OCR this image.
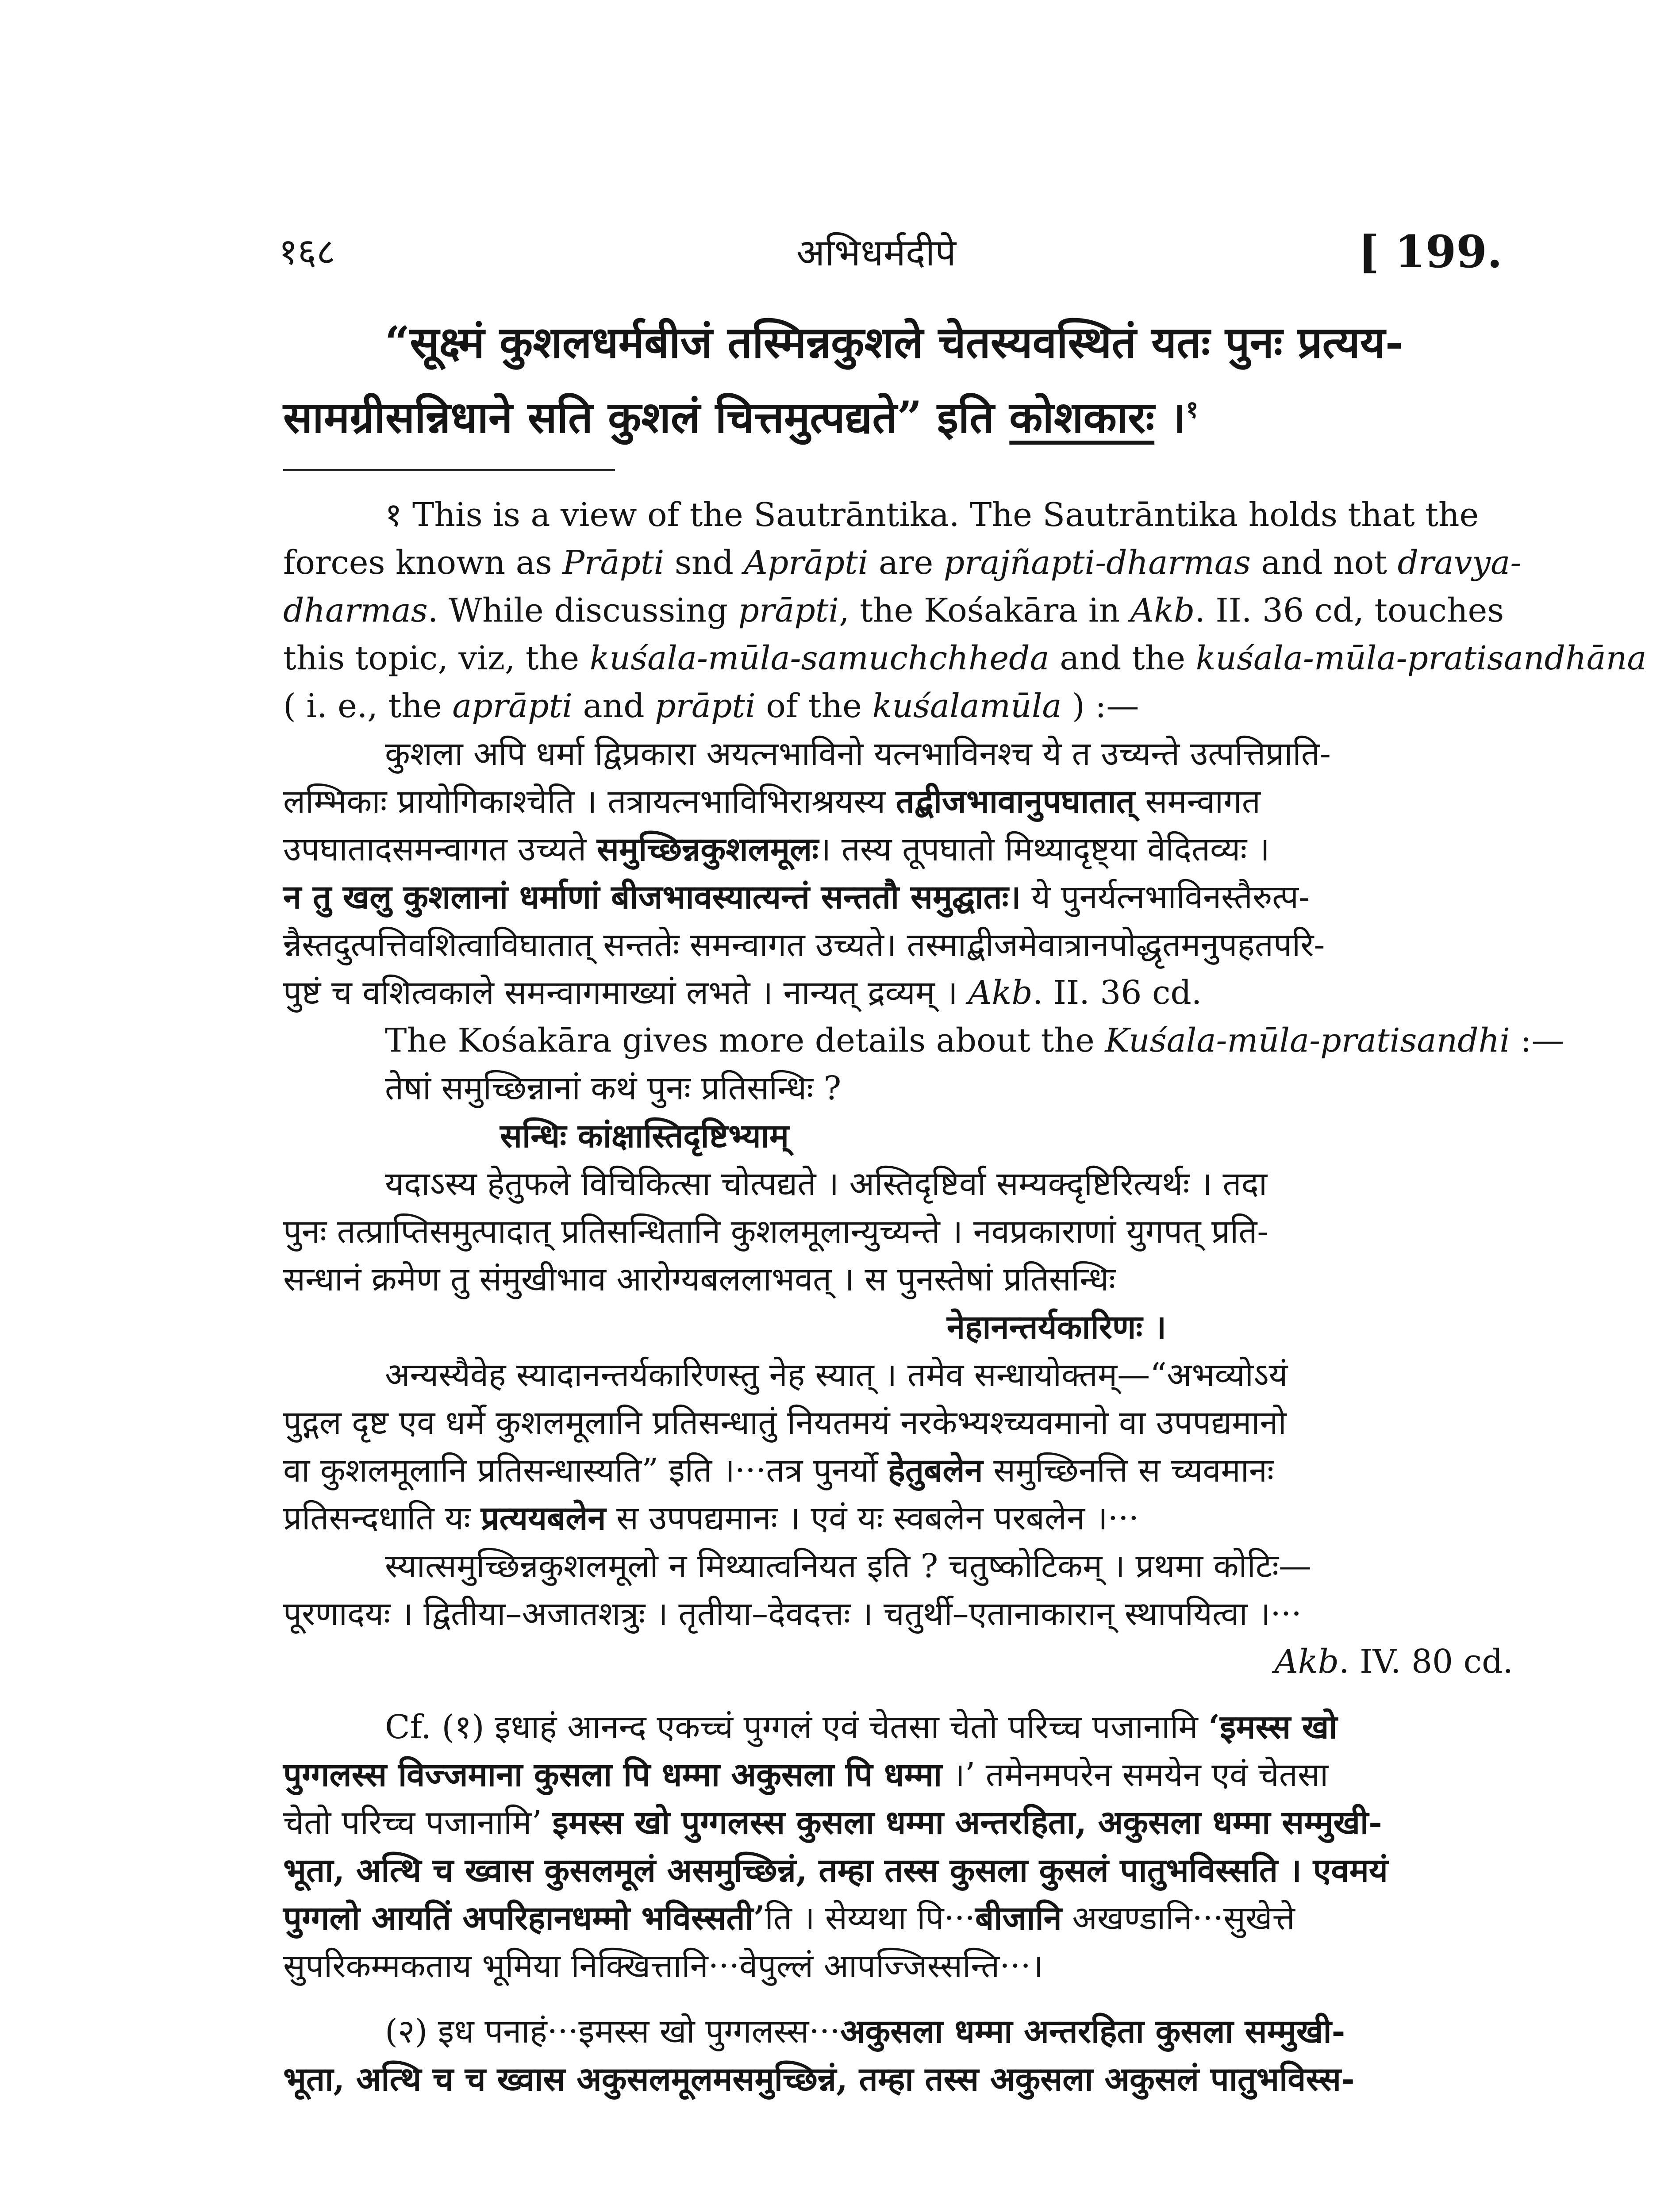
१६८	अभिधर्मदीपे	[ 199.
“सूक्ष्मं कुशलधर्मबीजं तस्मिन्नकुशले चेतस्यवस्थितं यतः पुनः प्रत्यय-
सामग्रीसन्निधाने सति कुशलं चित्तमुत्पद्यते” इति कोशकारः ।$^१$
१ This is a view of the Sautrāntika. The Sautrāntika holds that the
forces known as Prāpti snd Aprāpti are prajñapti-dharmas and not dravya-
dharmas. While discussing prāpti, the Kośakāra in Akb. II. 36 cd, touches
this topic, viz, the kuśala-mūla-samuchchheda and the kuśala-mūla-pratisandhāna
( i. e., the aprāpti and prāpti of the kuśalamūla ) :—
कुशला अपि धर्मा द्विप्रकारा अयत्नभाविनो यत्नभाविनश्च ये त उच्यन्ते उत्पत्तिप्राति-
लम्भिकाः प्रायोगिकाश्चेति । तत्रायत्नभाविभिराश्रयस्य तद्बीजभावानुपघातात् समन्वागत
उपघातादसमन्वागत उच्यते समुच्छिन्नकुशलमूलः। तस्य तूपघातो मिथ्यादृष्ट्या वेदितव्यः ।
न तु खलु कुशलानां धर्माणां बीजभावस्यात्यन्तं सन्ततौ समुद्घातः। ये पुनर्यत्नभाविनस्तैरुत्प-
न्नैस्तदुत्पत्तिवशित्वाविघातात् सन्ततेः समन्वागत उच्यते। तस्माद्बीजमेवात्रानपोद्धृतमनुपहतपरि-
पुष्टं च वशित्वकाले समन्वागमाख्यां लभते । नान्यत् द्रव्यम् । Akb. II. 36 cd.
The Kośakāra gives more details about the Kuśala-mūla-pratisandhi :—
तेषां समुच्छिन्नानां कथं पुनः प्रतिसन्धिः ?
सन्धिः कांक्षास्तिदृष्टिभ्याम्
यदाऽस्य हेतुफले विचिकित्सा चोत्पद्यते । अस्तिदृष्टिर्वा सम्यक्दृष्टिरित्यर्थः । तदा
पुनः तत्प्राप्तिसमुत्पादात् प्रतिसन्धितानि कुशलमूलान्युच्यन्ते । नवप्रकाराणां युगपत् प्रति-
सन्धानं क्रमेण तु संमुखीभाव आरोग्यबललाभवत् । स पुनस्तेषां प्रतिसन्धिः
नेहानन्तर्यकारिणः ।
अन्यस्यैवेह स्यादानन्तर्यकारिणस्तु नेह स्यात् । तमेव सन्धायोक्तम्—“अभव्योऽयं
पुद्गल दृष्ट एव धर्मे कुशलमूलानि प्रतिसन्धातुं नियतमयं नरकेभ्यश्च्यवमानो वा उपपद्यमानो
वा कुशलमूलानि प्रतिसन्धास्यति” इति ।···तत्र पुनर्यो हेतुबलेन समुच्छिनत्ति स च्यवमानः
प्रतिसन्दधाति यः प्रत्ययबलेन स उपपद्यमानः । एवं यः स्वबलेन परबलेन ।···
स्यात्समुच्छिन्नकुशलमूलो न मिथ्यात्वनियत इति ? चतुष्कोटिकम् । प्रथमा कोटिः—
पूरणादयः । द्वितीया–अजातशत्रुः । तृतीया–देवदत्तः । चतुर्थी–एतानाकारान् स्थापयित्वा ।···
Akb. IV. 80 cd.
Cf. (१) इधाहं आनन्द एकच्चं पुग्गलं एवं चेतसा चेतो परिच्च पजानामि ‘इमस्स खो
पुग्गलस्स विज्जमाना कुसला पि धम्मा अकुसला पि धम्मा ।’ तमेनमपरेन समयेन एवं चेतसा
चेतो परिच्च पजानामि’ इमस्स खो पुग्गलस्स कुसला धम्मा अन्तरहिता, अकुसला धम्मा सम्मुखी-
भूता, अत्थि च ख्वास कुसलमूलं असमुच्छिन्नं, तम्हा तस्स कुसला कुसलं पातुभविस्सति । एवमयं
पुग्गलो आयतिं अपरिहानधम्मो भविस्सती’ति । सेय्यथा पि···बीजानि अखण्डानि···सुखेत्ते
सुपरिकम्मकताय भूमिया निक्खित्तानि···वेपुल्लं आपज्जिस्सन्ति···।
(२) इध पनाहं···इमस्स खो पुग्गलस्स···अकुसला धम्मा अन्तरहिता कुसला सम्मुखी-
भूता, अत्थि च च ख्वास अकुसलमूलमसमुच्छिन्नं, तम्हा तस्स अकुसला अकुसलं पातुभविस्स-
